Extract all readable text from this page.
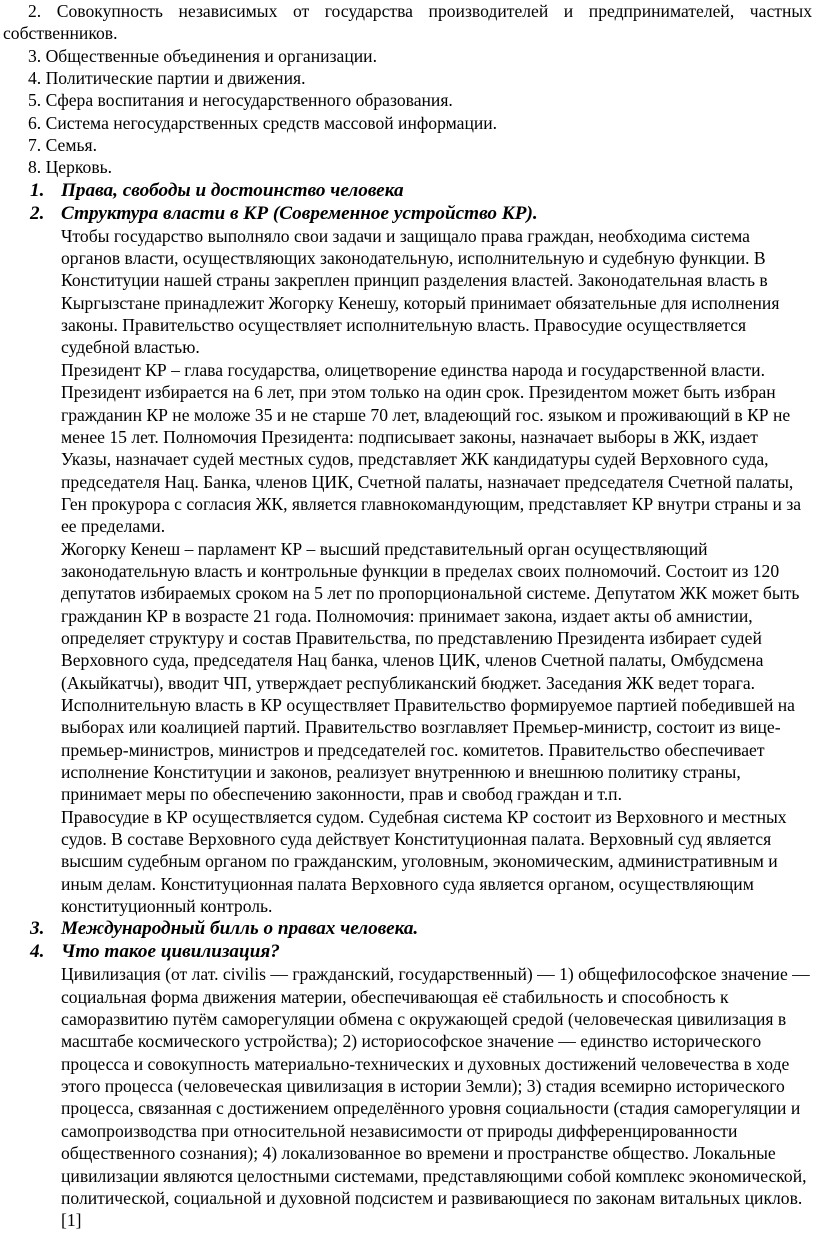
2. Совокупность независимых от государства производителей и предпринимателей, частных собственников.

3. Общественные объединения и организации.

4. Политические партии и движения.

5. Сфера воспитания и негосударственного образования.

6. Система негосударственных средств массовой информации.

7. Семья.

8. Церковь.

1. Права, свободы и достоинство человека
2. Структура власти в КР (Современное устройство КР).

Чтобы государство выполняло свои задачи и защищало права граждан, необходима система органов власти, осуществляющих законодательную, исполнительную и судебную функции. В Конституции нашей страны закреплен принцип разделения властей. Законодательная власть в Кыргызстане принадлежит Жогорку Кенешу, который принимает обязательные для исполнения законы. Правительство осуществляет исполнительную власть. Правосудие осуществляется судебной властью.

Президент КР – глава государства, олицетворение единства народа и государственной власти. Президент избирается на 6 лет, при этом только на один срок. Президентом может быть избран гражданин КР не моложе 35 и не старше 70 лет, владеющий гос. языком и проживающий в КР не менее 15 лет. Полномочия Президента: подписывает законы, назначает выборы в ЖК, издает Указы, назначает судей местных судов, представляет ЖК кандидатуры судей Верховного суда, председателя Нац. Банка, членов ЦИК, Счетной палаты, назначает председателя Счетной палаты, Ген прокурора с согласия ЖК, является главнокомандующим, представляет КР внутри страны и за ее пределами.

Жогорку Кенеш – парламент КР – высший представительный орган осуществляющий законодательную власть и контрольные функции в пределах своих полномочий. Состоит из 120 депутатов избираемых сроком на 5 лет по пропорциональной системе. Депутатом ЖК может быть гражданин КР в возрасте 21 года. Полномочия: принимает закона, издает акты об амнистии, определяет структуру и состав Правительства, по представлению Президента избирает судей Верховного суда, председателя Нац банка, членов ЦИК, членов Счетной палаты, Омбудсмена (Акыйкатчы), вводит ЧП, утверждает республиканский бюджет. Заседания ЖК ведет торага.

Исполнительную власть в КР осуществляет Правительство формируемое партией победившей на выборах или коалицией партий. Правительство возглавляет Премьер-министр, состоит из вице-премьер-министров, министров и председателей гос. комитетов. Правительство обеспечивает исполнение Конституции и законов, реализует внутреннюю и внешнюю политику страны, принимает меры по обеспечению законности, прав и свобод граждан и т.п.

Правосудие в КР осуществляется судом. Судебная система КР состоит из Верховного и местных судов. В составе Верховного суда действует Конституционная палата. Верховный суд является высшим судебным органом по гражданским, уголовным, экономическим, административным и иным делам. Конституционная палата Верховного суда является органом, осуществляющим конституционный контроль.

3. Международный билль о правах человека.
4. Что такое цивилизация?

Цивилизация (от лат. civilis — гражданский, государственный) — 1) общефилософское значение — социальная форма движения материи, обеспечивающая её стабильность и способность к саморазвитию путём саморегуляции обмена с окружающей средой (человеческая цивилизация в масштабе космического устройства); 2) историософское значение — единство исторического процесса и совокупность материально-технических и духовных достижений человечества в ходе этого процесса (человеческая цивилизация в истории Земли); 3) стадия всемирно исторического процесса, связанная с достижением определённого уровня социальности (стадия саморегуляции и самопроизводства при относительной независимости от природы дифференцированности общественного сознания); 4) локализованное во времени и пространстве общество. Локальные цивилизации являются целостными системами, представляющими собой комплекс экономической, политической, социальной и духовной подсистем и развивающиеся по законам витальных циклов.[1]
